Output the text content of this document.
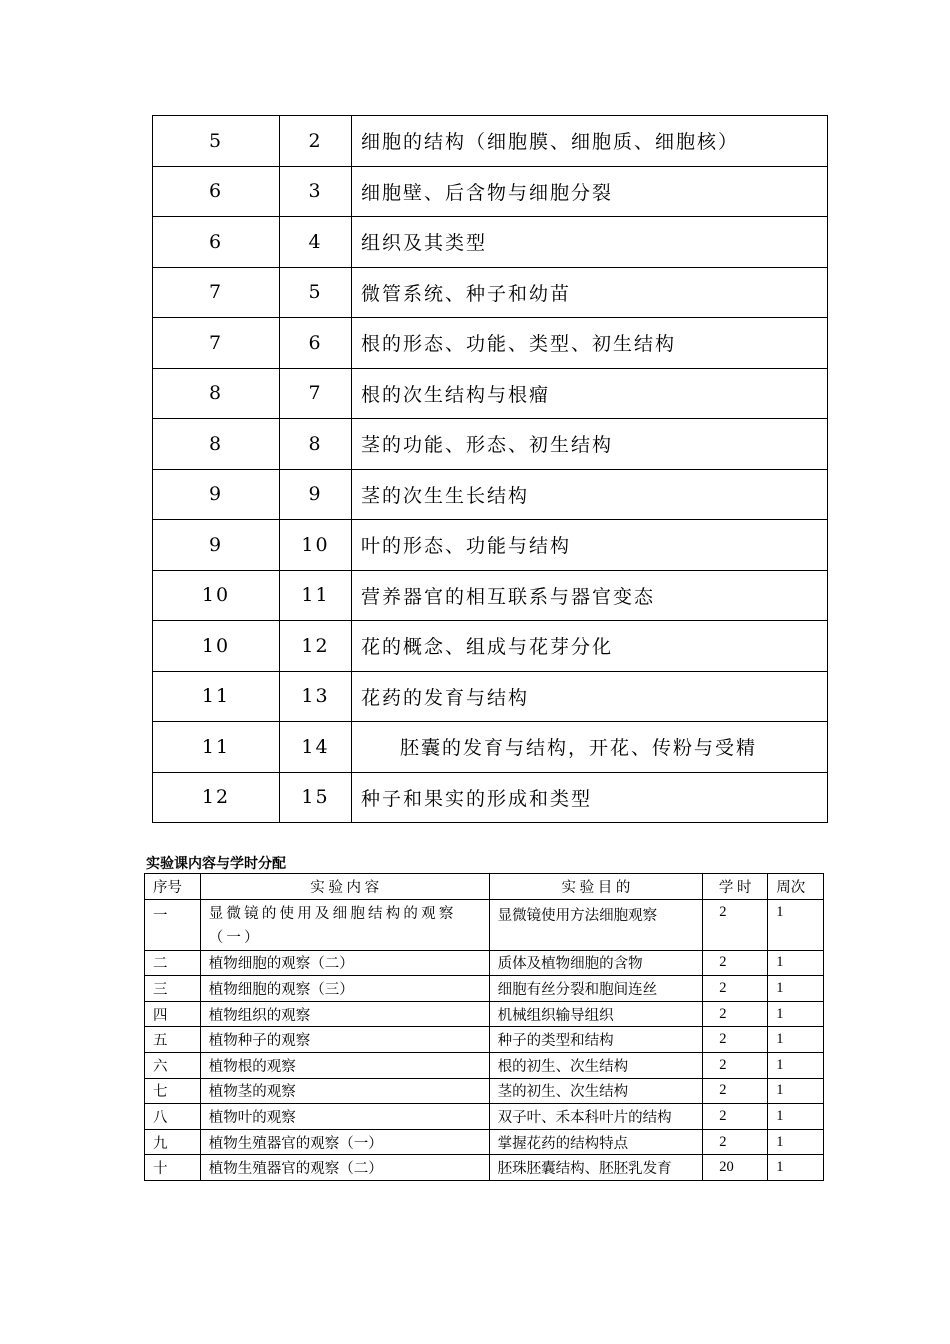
5	2	细胞的结构（细胞膜、细胞质、细胞核）
6	3	细胞壁、后含物与细胞分裂
6	4	组织及其类型
7	5	微管系统、种子和幼苗
7	6	根的形态、功能、类型、初生结构
8	7	根的次生结构与根瘤
8	8	茎的功能、形态、初生结构
9	9	茎的次生生长结构
9	10	叶的形态、功能与结构
10	11	营养器官的相互联系与器官变态
10	12	花的概念、组成与花芽分化
11	13	花药的发育与结构
11	14	胚囊的发育与结构，开花、传粉与受精
12	15	种子和果实的形成和类型
实验课内容与学时分配
序号	实 验 内 容	实 验 目 的	学 时	周次
一	显微镜的使用及细胞结构的观察（一）	显微镜使用方法细胞观察	2	1
二	植物细胞的观察（二）	质体及植物细胞的含物	2	1
三	植物细胞的观察（三）	细胞有丝分裂和胞间连丝	2	1
四	植物组织的观察	机械组织输导组织	2	1
五	植物种子的观察	种子的类型和结构	2	1
六	植物根的观察	根的初生、次生结构	2	1
七	植物茎的观察	茎的初生、次生结构	2	1
八	植物叶的观察	双子叶、禾本科叶片的结构	2	1
九	植物生殖器官的观察（一）	掌握花药的结构特点	2	1
十	植物生殖器官的观察（二）	胚珠胚囊结构、胚胚乳发育	20	1
